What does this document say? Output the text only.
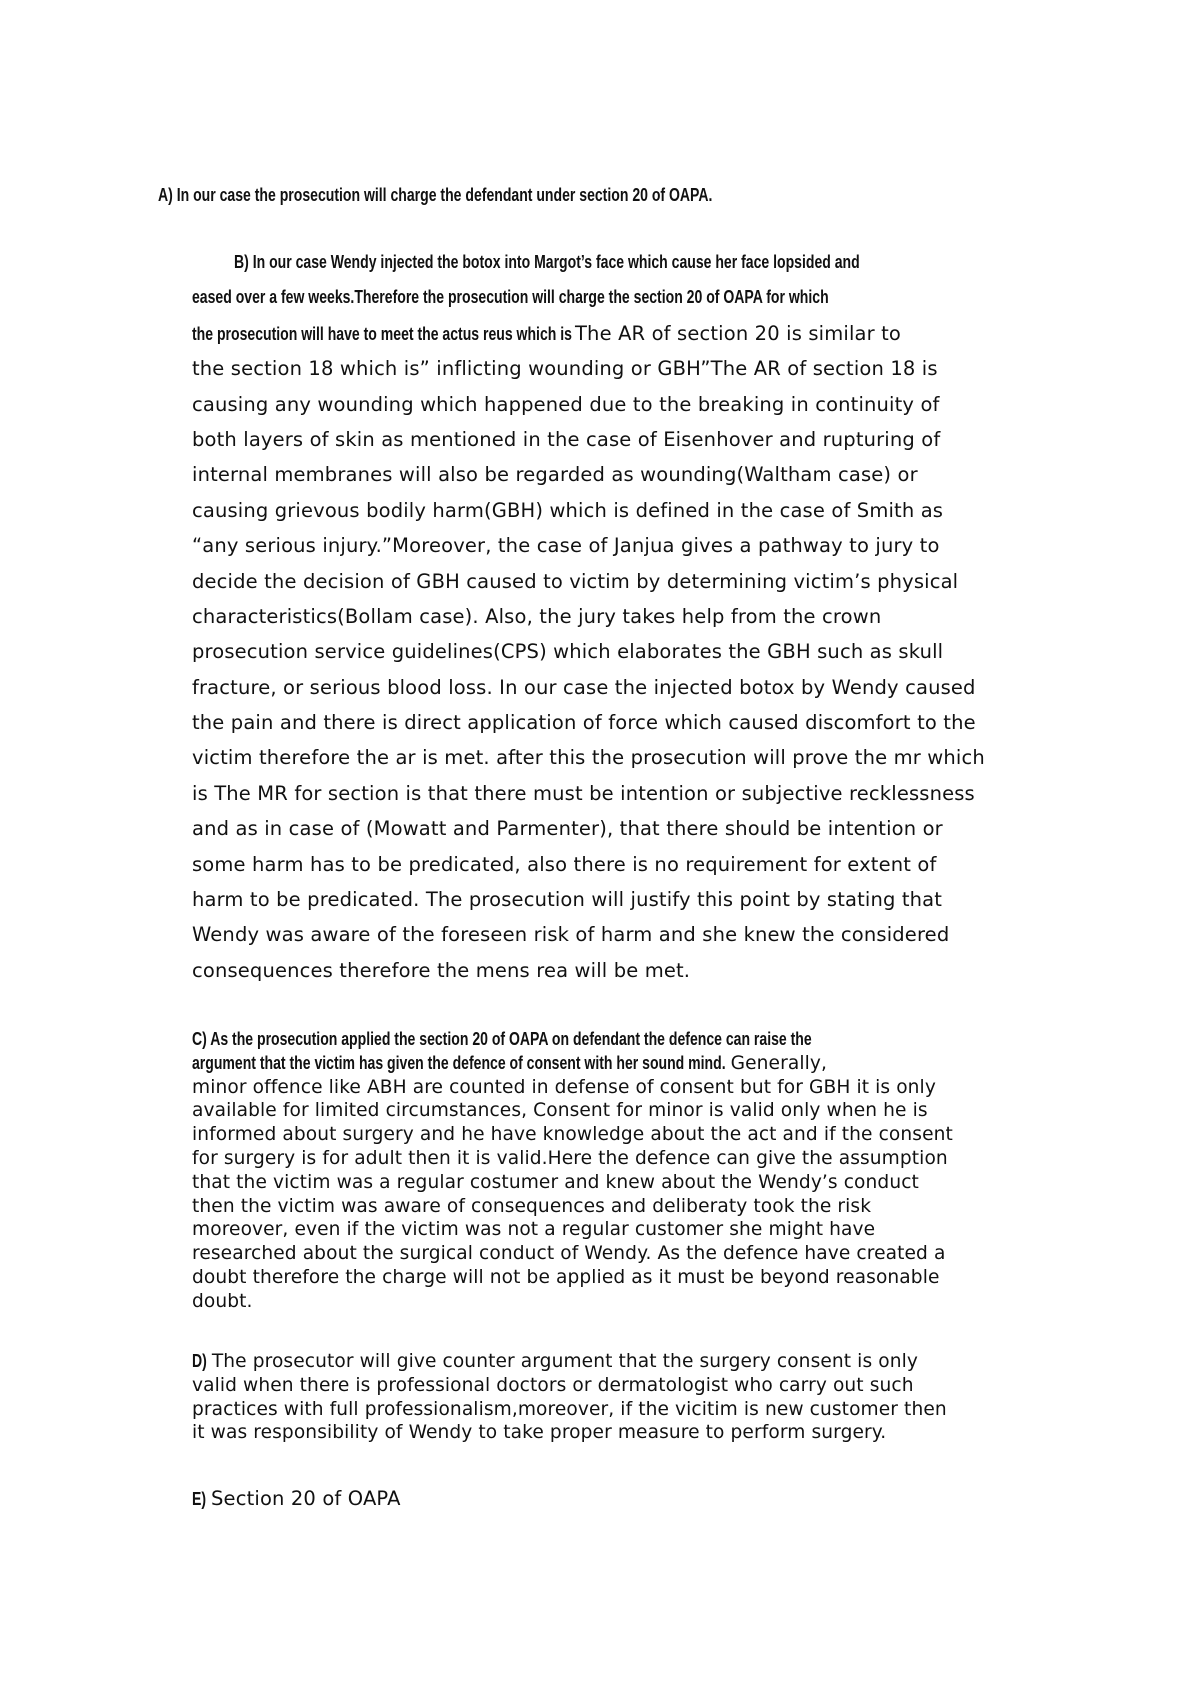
A) In our case the prosecution will charge the defendant under section 20 of OAPA.
B) In our case Wendy injected the botox into Margot’s face which cause her face lopsided and
eased over a few weeks.Therefore the prosecution will charge the section 20 of OAPA for which
the prosecution will have to meet the actus reus which is The AR of section 20 is similar to
the section 18 which is” inflicting wounding or GBH”The AR of section 18 is
causing any wounding which happened due to the breaking in continuity of
both layers of skin as mentioned in the case of Eisenhover and rupturing of
internal membranes will also be regarded as wounding(Waltham case) or
causing grievous bodily harm(GBH) which is defined in the case of Smith as
“any serious injury.”Moreover, the case of Janjua gives a pathway to jury to
decide the decision of GBH caused to victim by determining victim’s physical
characteristics(Bollam case). Also, the jury takes help from the crown
prosecution service guidelines(CPS) which elaborates the GBH such as skull
fracture, or serious blood loss. In our case the injected botox by Wendy caused
the pain and there is direct application of force which caused discomfort to the
victim therefore the ar is met. after this the prosecution will prove the mr which
is The MR for section is that there must be intention or subjective recklessness
and as in case of (Mowatt and Parmenter), that there should be intention or
some harm has to be predicated, also there is no requirement for extent of
harm to be predicated. The prosecution will justify this point by stating that
Wendy was aware of the foreseen risk of harm and she knew the considered
consequences therefore the mens rea will be met.
C) As the prosecution applied the section 20 of OAPA on defendant the defence can raise the
argument that the victim has given the defence of consent with her sound mind. Generally,
minor offence like ABH are counted in defense of consent but for GBH it is only
available for limited circumstances, Consent for minor is valid only when he is
informed about surgery and he have knowledge about the act and if the consent
for surgery is for adult then it is valid.Here the defence can give the assumption
that the victim was a regular costumer and knew about the Wendy’s conduct
then the victim was aware of consequences and deliberaty took the risk
moreover, even if the victim was not a regular customer she might have
researched about the surgical conduct of Wendy. As the defence have created a
doubt therefore the charge will not be applied as it must be beyond reasonable
doubt.
D) The prosecutor will give counter argument that the surgery consent is only
valid when there is professional doctors or dermatologist who carry out such
practices with full professionalism,moreover, if the vicitim is new customer then
it was responsibility of Wendy to take proper measure to perform surgery.
E) Section 20 of OAPA
